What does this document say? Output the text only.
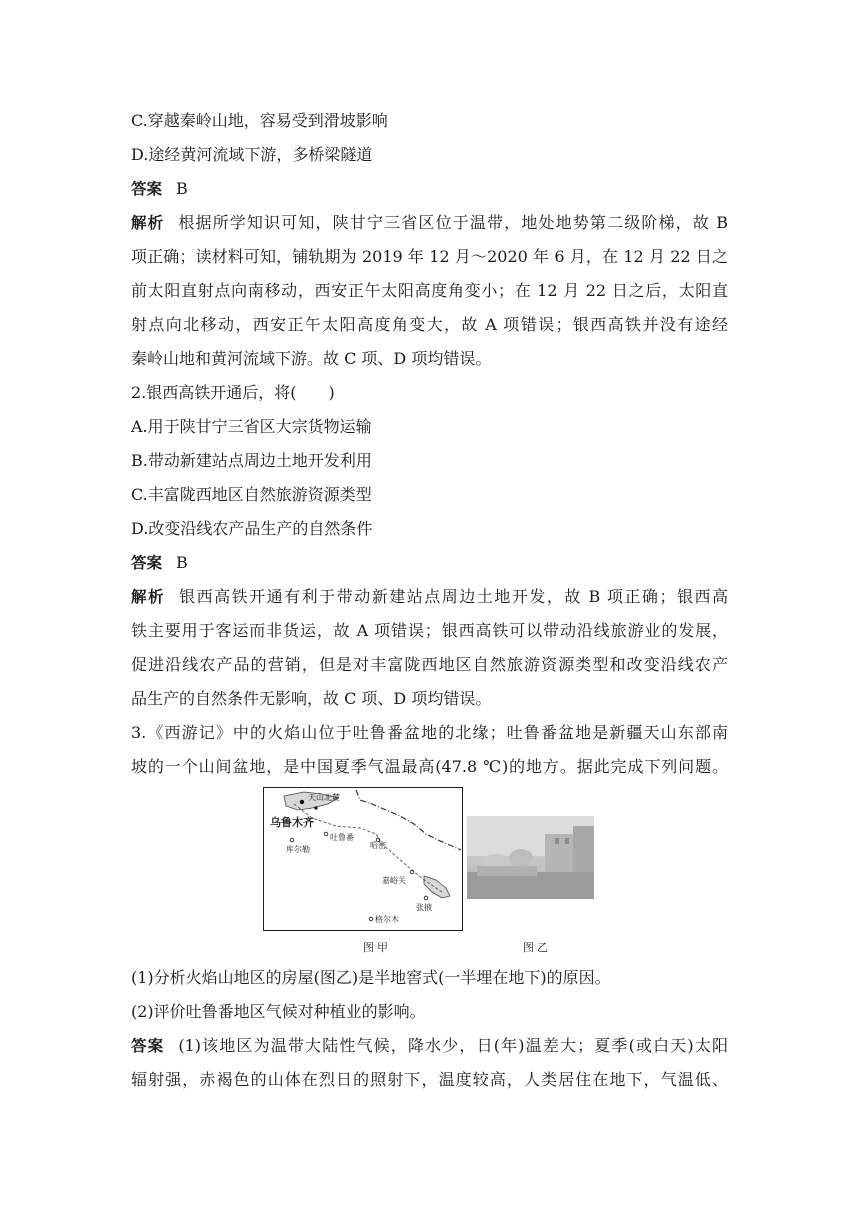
C.穿越秦岭山地，容易受到滑坡影响
D.途经黄河流域下游，多桥梁隧道
答案 B
解析 根据所学知识可知，陕甘宁三省区位于温带，地处地势第二级阶梯，故 B
项正确；读材料可知，铺轨期为 2019 年 12 月～2020 年 6 月，在 12 月 22 日之
前太阳直射点向南移动，西安正午太阳高度角变小；在 12 月 22 日之后，太阳直
射点向北移动，西安正午太阳高度角变大，故 A 项错误；银西高铁并没有途经
秦岭山地和黄河流域下游。故 C 项、D 项均错误。
2.银西高铁开通后，将(　　)
A.用于陕甘宁三省区大宗货物运输
B.带动新建站点周边土地开发利用
C.丰富陇西地区自然旅游资源类型
D.改变沿线农产品生产的自然条件
答案 B
解析 银西高铁开通有利于带动新建站点周边土地开发，故 B 项正确；银西高
铁主要用于客运而非货运，故 A 项错误；银西高铁可以带动沿线旅游业的发展，
促进沿线农产品的营销，但是对丰富陇西地区自然旅游资源类型和改变沿线农产
品生产的自然条件无影响，故 C 项、D 项均错误。
3.《西游记》中的火焰山位于吐鲁番盆地的北缘；吐鲁番盆地是新疆天山东部南
坡的一个山间盆地，是中国夏季气温最高(47.8 ℃)的地方。据此完成下列问题。
天山北麓
乌鲁木齐
吐鲁番
库尔勒	哈密
嘉峪关
张掖
格尔木
图甲	图乙
(1)分析火焰山地区的房屋(图乙)是半地窖式(一半埋在地下)的原因。
(2)评价吐鲁番地区气候对种植业的影响。
答案 (1)该地区为温带大陆性气候，降水少，日(年)温差大；夏季(或白天)太阳
辐射强，赤褐色的山体在烈日的照射下，温度较高，人类居住在地下，气温低、
